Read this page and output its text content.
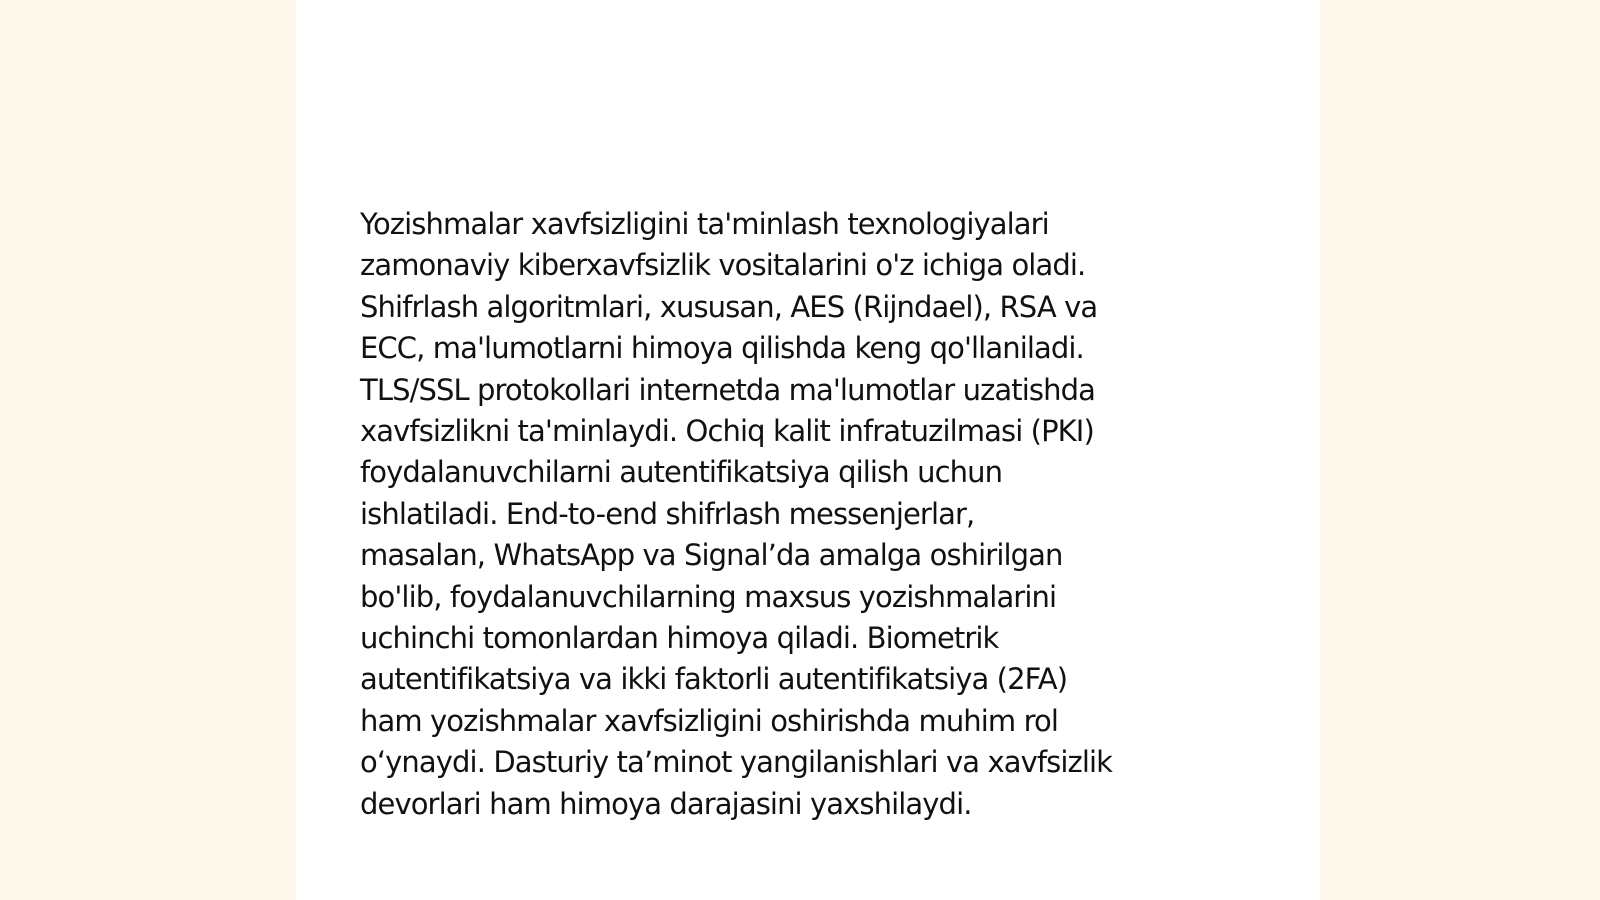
Yozishmalar xavfsizligini ta'minlash texnologiyalari
zamonaviy kiberxavfsizlik vositalarini o'z ichiga oladi.
Shifrlash algoritmlari, xususan, AES (Rijndael), RSA va
ECC, ma'lumotlarni himoya qilishda keng qo'llaniladi.
TLS/SSL protokollari internetda ma'lumotlar uzatishda
xavfsizlikni ta'minlaydi. Ochiq kalit infratuzilmasi (PKI)
foydalanuvchilarni autentifikatsiya qilish uchun
ishlatiladi. End-to-end shifrlash messenjerlar,
masalan, WhatsApp va Signal’da amalga oshirilgan
bo'lib, foydalanuvchilarning maxsus yozishmalarini
uchinchi tomonlardan himoya qiladi. Biometrik
autentifikatsiya va ikki faktorli autentifikatsiya (2FA)
ham yozishmalar xavfsizligini oshirishda muhim rol
o‘ynaydi. Dasturiy ta’minot yangilanishlari va xavfsizlik
devorlari ham himoya darajasini yaxshilaydi.
